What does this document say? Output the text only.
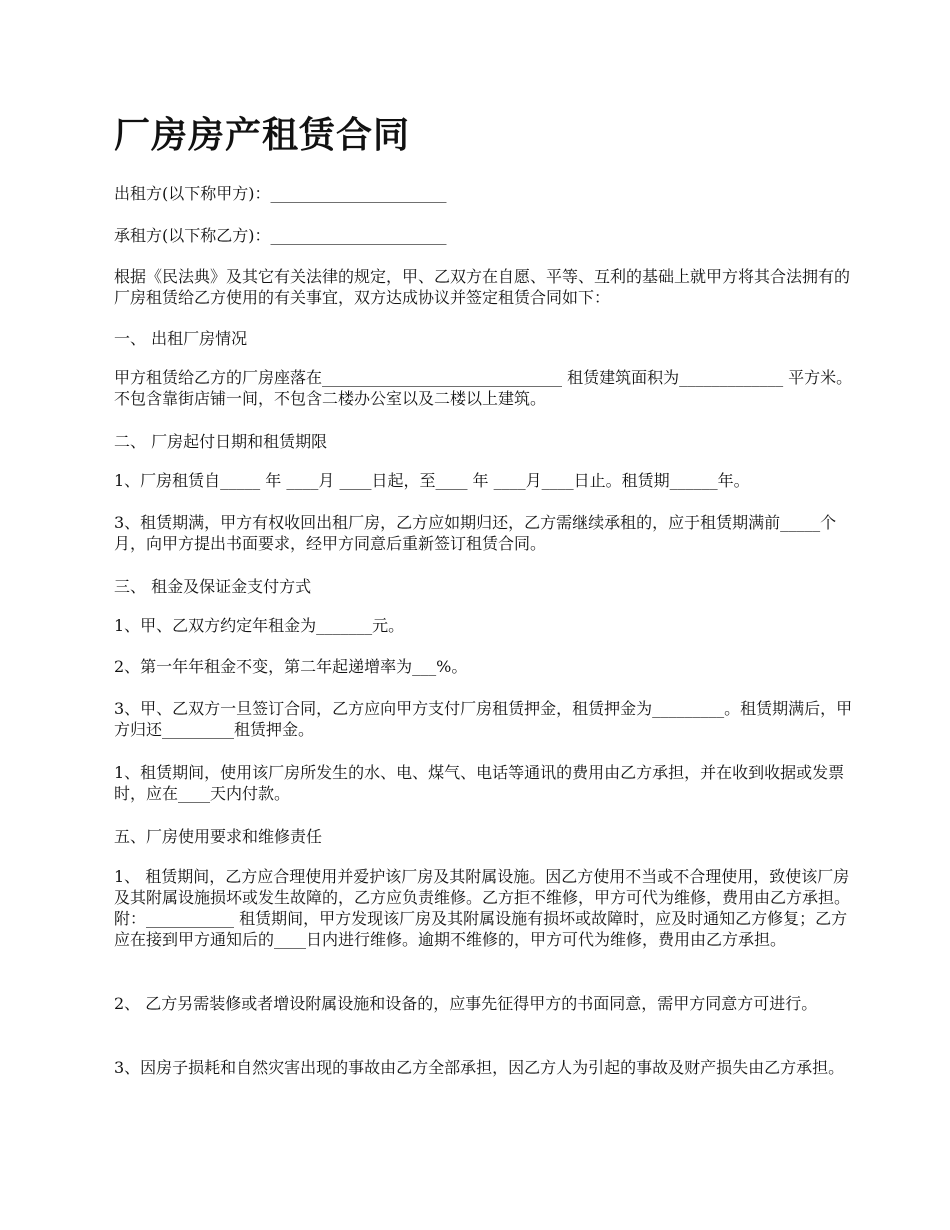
厂房房产租赁合同

出租方(以下称甲方)：______________________

承租方(以下称乙方)：______________________

根据《民法典》及其它有关法律的规定，甲、乙双方在自愿、平等、互利的基础上就甲方将其合法拥有的厂房租赁给乙方使用的有关事宜，双方达成协议并签定租赁合同如下：

一、 出租厂房情况

甲方租赁给乙方的厂房座落在______________________________ 租赁建筑面积为_____________ 平方米。不包含靠街店铺一间，不包含二楼办公室以及二楼以上建筑。

二、 厂房起付日期和租赁期限

1、厂房租赁自_____ 年 ____月 ____日起，至____ 年 ____月____日止。租赁期______年。

3、租赁期满，甲方有权收回出租厂房，乙方应如期归还，乙方需继续承租的，应于租赁期满前_____个月，向甲方提出书面要求，经甲方同意后重新签订租赁合同。

三、 租金及保证金支付方式

1、甲、乙双方约定年租金为_______元。

2、第一年年租金不变，第二年起递增率为___%。

3、甲、乙双方一旦签订合同，乙方应向甲方支付厂房租赁押金，租赁押金为_________。租赁期满后，甲方归还_________租赁押金。

1、租赁期间，使用该厂房所发生的水、电、煤气、电话等通讯的费用由乙方承担，并在收到收据或发票时，应在____天内付款。

五、厂房使用要求和维修责任

1、 租赁期间，乙方应合理使用并爱护该厂房及其附属设施。因乙方使用不当或不合理使用，致使该厂房及其附属设施损坏或发生故障的，乙方应负责维修。乙方拒不维修，甲方可代为维修，费用由乙方承担。附：___________ 租赁期间，甲方发现该厂房及其附属设施有损坏或故障时，应及时通知乙方修复；乙方应在接到甲方通知后的____日内进行维修。逾期不维修的，甲方可代为维修，费用由乙方承担。

2、 乙方另需装修或者增设附属设施和设备的，应事先征得甲方的书面同意，需甲方同意方可进行。

3、因房子损耗和自然灾害出现的事故由乙方全部承担，因乙方人为引起的事故及财产损失由乙方承担。
